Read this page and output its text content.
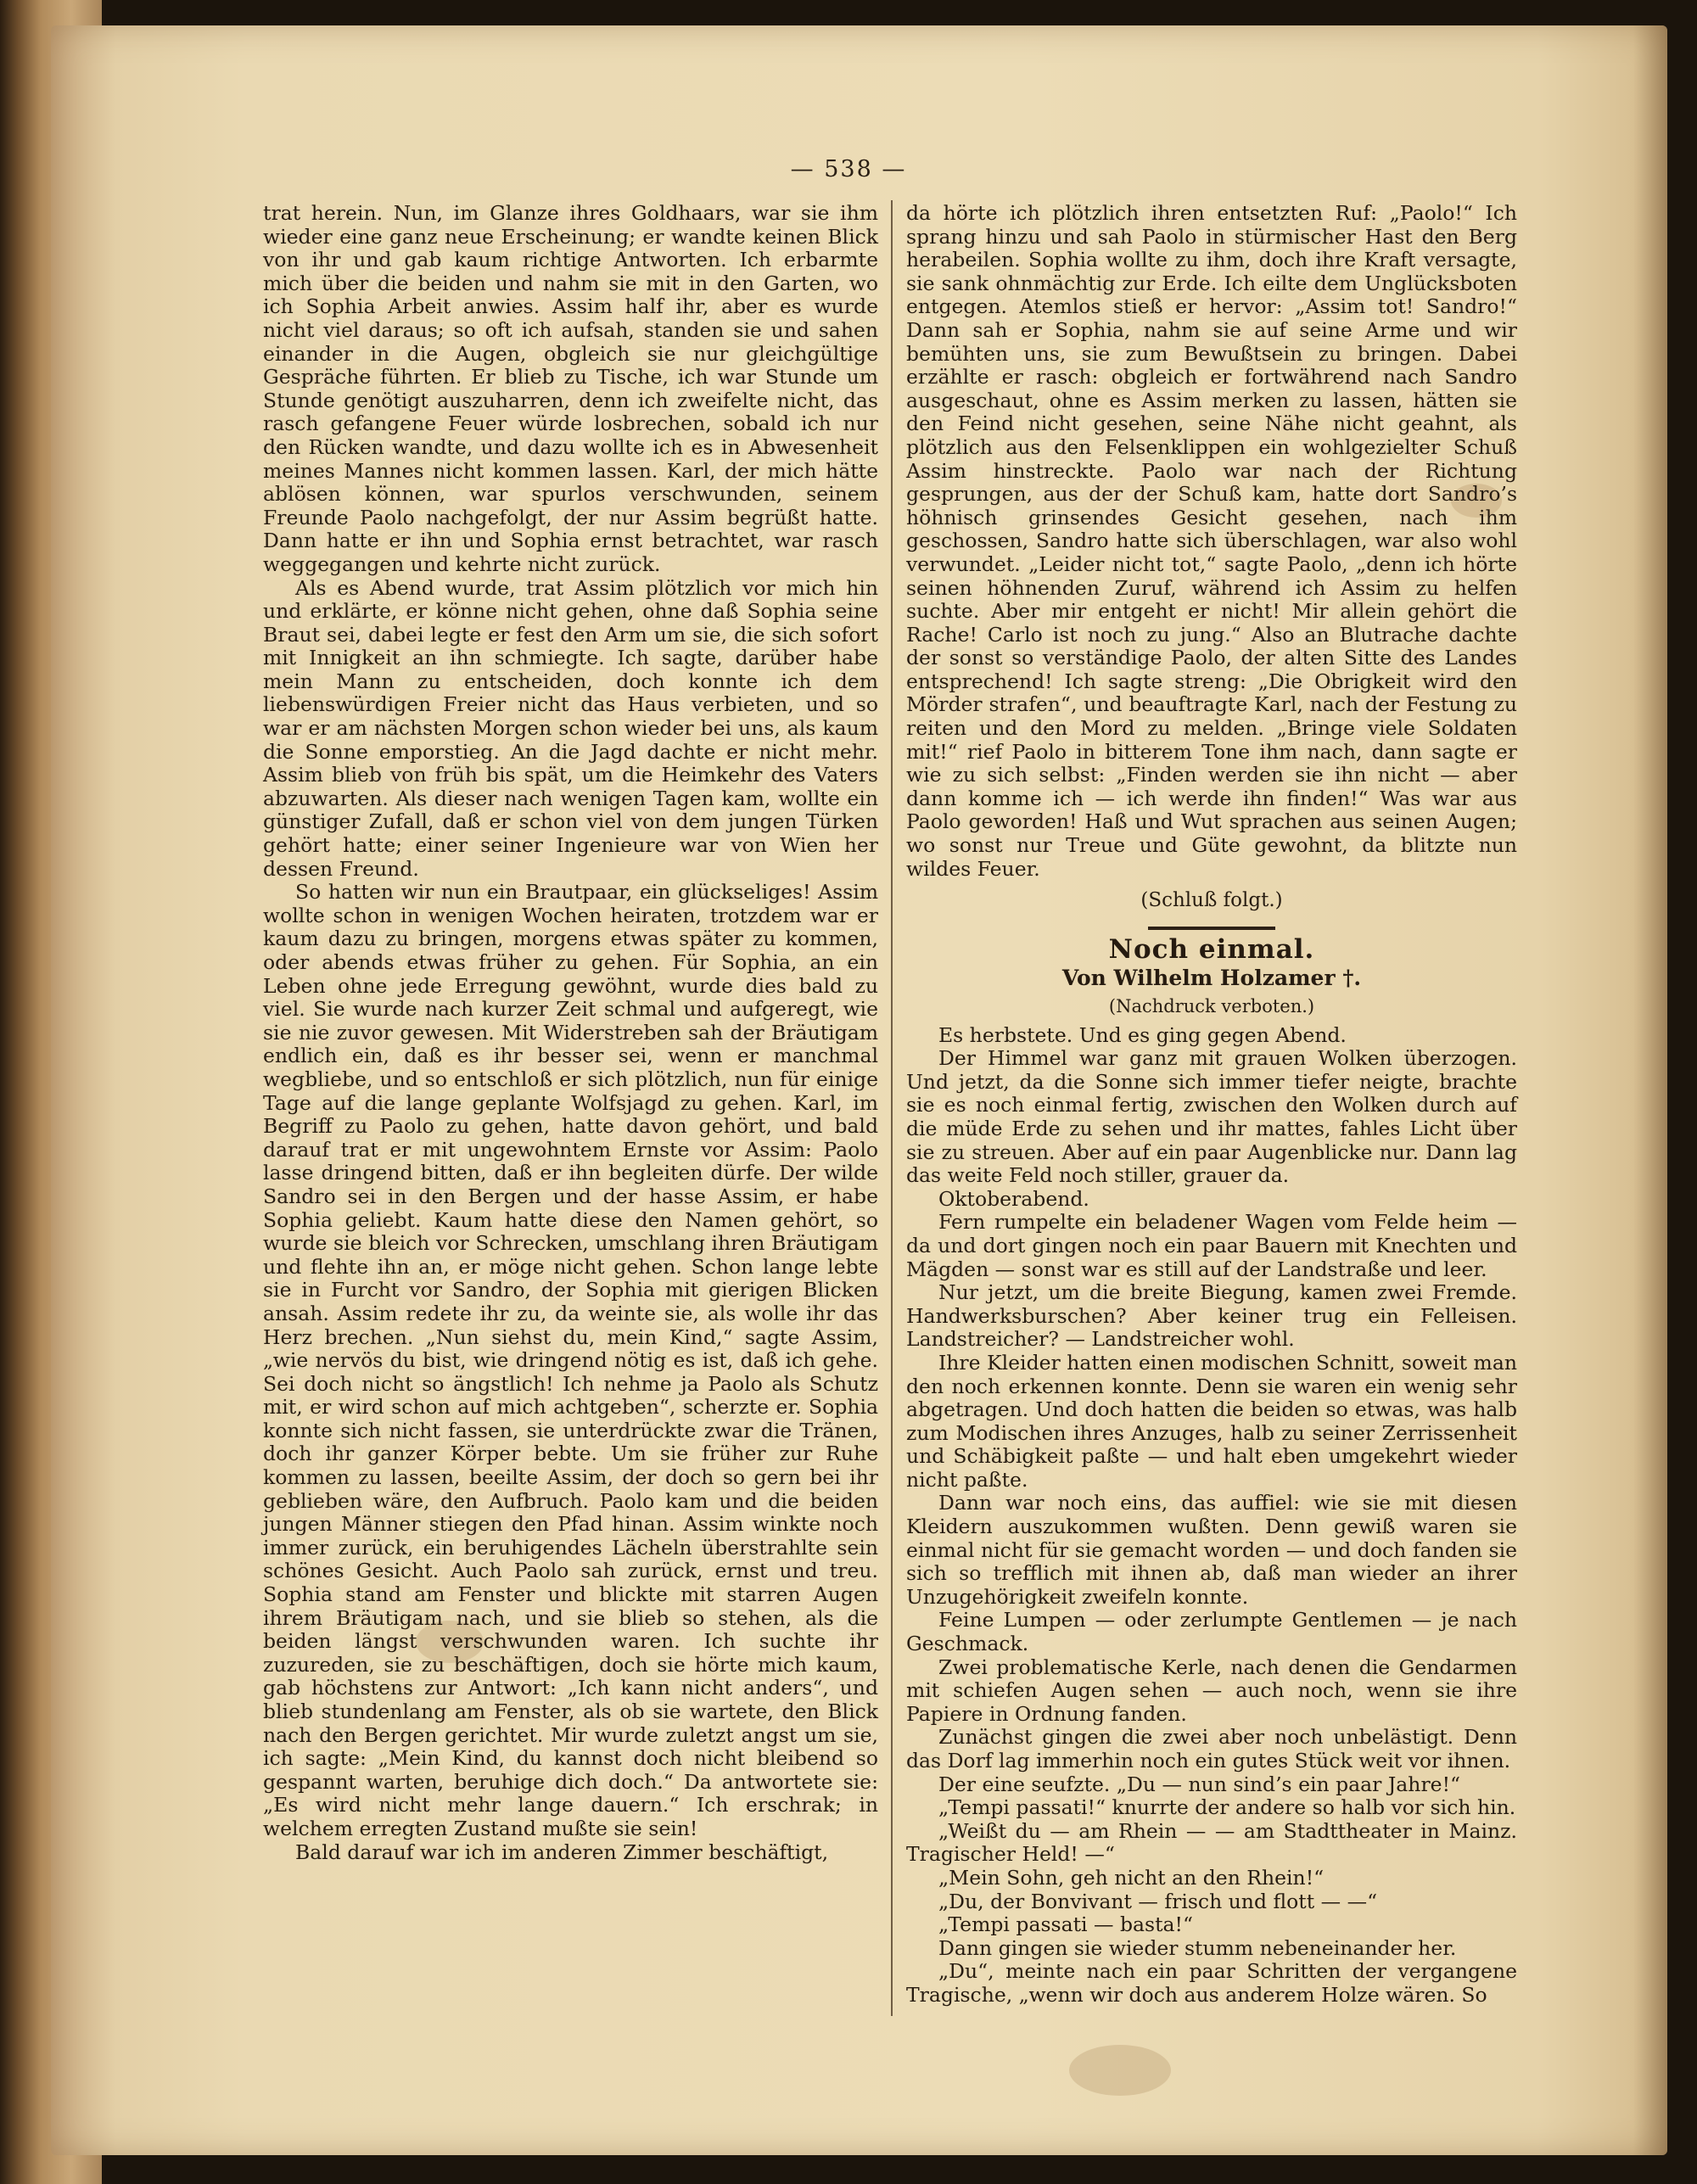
— 538 —

trat herein. Nun, im Glanze ihres Goldhaars, war sie ihm wieder eine ganz neue Erscheinung; er wandte keinen Blick von ihr und gab kaum richtige Antworten. Ich erbarmte mich über die beiden und nahm sie mit in den Garten, wo ich Sophia Arbeit anwies. Assim half ihr, aber es wurde nicht viel daraus; so oft ich aufsah, standen sie und sahen einander in die Augen, obgleich sie nur gleichgültige Gespräche führten. Er blieb zu Tische, ich war Stunde um Stunde genötigt auszuharren, denn ich zweifelte nicht, das rasch gefangene Feuer würde losbrechen, sobald ich nur den Rücken wandte, und dazu wollte ich es in Abwesenheit meines Mannes nicht kommen lassen. Karl, der mich hätte ablösen können, war spurlos verschwunden, seinem Freunde Paolo nachgefolgt, der nur Assim begrüßt hatte. Dann hatte er ihn und Sophia ernst betrachtet, war rasch weggegangen und kehrte nicht zurück.

Als es Abend wurde, trat Assim plötzlich vor mich hin und erklärte, er könne nicht gehen, ohne daß Sophia seine Braut sei, dabei legte er fest den Arm um sie, die sich sofort mit Innigkeit an ihn schmiegte. Ich sagte, darüber habe mein Mann zu entscheiden, doch konnte ich dem liebenswürdigen Freier nicht das Haus verbieten, und so war er am nächsten Morgen schon wieder bei uns, als kaum die Sonne emporstieg. An die Jagd dachte er nicht mehr. Assim blieb von früh bis spät, um die Heimkehr des Vaters abzuwarten. Als dieser nach wenigen Tagen kam, wollte ein günstiger Zufall, daß er schon viel von dem jungen Türken gehört hatte; einer seiner Ingenieure war von Wien her dessen Freund.

So hatten wir nun ein Brautpaar, ein glückseliges! Assim wollte schon in wenigen Wochen heiraten, trotzdem war er kaum dazu zu bringen, morgens etwas später zu kommen, oder abends etwas früher zu gehen. Für Sophia, an ein Leben ohne jede Erregung gewöhnt, wurde dies bald zu viel. Sie wurde nach kurzer Zeit schmal und aufgeregt, wie sie nie zuvor gewesen. Mit Widerstreben sah der Bräutigam endlich ein, daß es ihr besser sei, wenn er manchmal wegbliebe, und so entschloß er sich plötzlich, nun für einige Tage auf die lange geplante Wolfsjagd zu gehen. Karl, im Begriff zu Paolo zu gehen, hatte davon gehört, und bald darauf trat er mit ungewohntem Ernste vor Assim: Paolo lasse dringend bitten, daß er ihn begleiten dürfe. Der wilde Sandro sei in den Bergen und der hasse Assim, er habe Sophia geliebt. Kaum hatte diese den Namen gehört, so wurde sie bleich vor Schrecken, umschlang ihren Bräutigam und flehte ihn an, er möge nicht gehen. Schon lange lebte sie in Furcht vor Sandro, der Sophia mit gierigen Blicken ansah. Assim redete ihr zu, da weinte sie, als wolle ihr das Herz brechen. „Nun siehst du, mein Kind,“ sagte Assim, „wie nervös du bist, wie dringend nötig es ist, daß ich gehe. Sei doch nicht so ängstlich! Ich nehme ja Paolo als Schutz mit, er wird schon auf mich achtgeben“, scherzte er. Sophia konnte sich nicht fassen, sie unterdrückte zwar die Tränen, doch ihr ganzer Körper bebte. Um sie früher zur Ruhe kommen zu lassen, beeilte Assim, der doch so gern bei ihr geblieben wäre, den Aufbruch. Paolo kam und die beiden jungen Männer stiegen den Pfad hinan. Assim winkte noch immer zurück, ein beruhigendes Lächeln überstrahlte sein schönes Gesicht. Auch Paolo sah zurück, ernst und treu. Sophia stand am Fenster und blickte mit starren Augen ihrem Bräutigam nach, und sie blieb so stehen, als die beiden längst verschwunden waren. Ich suchte ihr zuzureden, sie zu beschäftigen, doch sie hörte mich kaum, gab höchstens zur Antwort: „Ich kann nicht anders“, und blieb stundenlang am Fenster, als ob sie wartete, den Blick nach den Bergen gerichtet. Mir wurde zuletzt angst um sie, ich sagte: „Mein Kind, du kannst doch nicht bleibend so gespannt warten, beruhige dich doch.“ Da antwortete sie: „Es wird nicht mehr lange dauern.“ Ich erschrak; in welchem erregten Zustand mußte sie sein!

Bald darauf war ich im anderen Zimmer beschäftigt,

da hörte ich plötzlich ihren entsetzten Ruf: „Paolo!“ Ich sprang hinzu und sah Paolo in stürmischer Hast den Berg herabeilen. Sophia wollte zu ihm, doch ihre Kraft versagte, sie sank ohnmächtig zur Erde. Ich eilte dem Unglücksboten entgegen. Atemlos stieß er hervor: „Assim tot! Sandro!“ Dann sah er Sophia, nahm sie auf seine Arme und wir bemühten uns, sie zum Bewußtsein zu bringen. Dabei erzählte er rasch: obgleich er fortwährend nach Sandro ausgeschaut, ohne es Assim merken zu lassen, hätten sie den Feind nicht gesehen, seine Nähe nicht geahnt, als plötzlich aus den Felsenklippen ein wohlgezielter Schuß Assim hinstreckte. Paolo war nach der Richtung gesprungen, aus der der Schuß kam, hatte dort Sandro’s höhnisch grinsendes Gesicht gesehen, nach ihm geschossen, Sandro hatte sich überschlagen, war also wohl verwundet. „Leider nicht tot,“ sagte Paolo, „denn ich hörte seinen höhnenden Zuruf, während ich Assim zu helfen suchte. Aber mir entgeht er nicht! Mir allein gehört die Rache! Carlo ist noch zu jung.“ Also an Blutrache dachte der sonst so verständige Paolo, der alten Sitte des Landes entsprechend! Ich sagte streng: „Die Obrigkeit wird den Mörder strafen“, und beauftragte Karl, nach der Festung zu reiten und den Mord zu melden. „Bringe viele Soldaten mit!“ rief Paolo in bitterem Tone ihm nach, dann sagte er wie zu sich selbst: „Finden werden sie ihn nicht — aber dann komme ich — ich werde ihn finden!“ Was war aus Paolo geworden! Haß und Wut sprachen aus seinen Augen; wo sonst nur Treue und Güte gewohnt, da blitzte nun wildes Feuer.

(Schluß folgt.)

Noch einmal.

Von Wilhelm Holzamer †.

(Nachdruck verboten.)

Es herbstete. Und es ging gegen Abend.

Der Himmel war ganz mit grauen Wolken überzogen. Und jetzt, da die Sonne sich immer tiefer neigte, brachte sie es noch einmal fertig, zwischen den Wolken durch auf die müde Erde zu sehen und ihr mattes, fahles Licht über sie zu streuen. Aber auf ein paar Augenblicke nur. Dann lag das weite Feld noch stiller, grauer da.

Oktoberabend.

Fern rumpelte ein beladener Wagen vom Felde heim — da und dort gingen noch ein paar Bauern mit Knechten und Mägden — sonst war es still auf der Landstraße und leer.

Nur jetzt, um die breite Biegung, kamen zwei Fremde. Handwerksburschen? Aber keiner trug ein Felleisen. Landstreicher? — Landstreicher wohl.

Ihre Kleider hatten einen modischen Schnitt, soweit man den noch erkennen konnte. Denn sie waren ein wenig sehr abgetragen. Und doch hatten die beiden so etwas, was halb zum Modischen ihres Anzuges, halb zu seiner Zerrissenheit und Schäbigkeit paßte — und halt eben umgekehrt wieder nicht paßte.

Dann war noch eins, das auffiel: wie sie mit diesen Kleidern auszukommen wußten. Denn gewiß waren sie einmal nicht für sie gemacht worden — und doch fanden sie sich so trefflich mit ihnen ab, daß man wieder an ihrer Unzugehörigkeit zweifeln konnte.

Feine Lumpen — oder zerlumpte Gentlemen — je nach Geschmack.

Zwei problematische Kerle, nach denen die Gendarmen mit schiefen Augen sehen — auch noch, wenn sie ihre Papiere in Ordnung fanden.

Zunächst gingen die zwei aber noch unbelästigt. Denn das Dorf lag immerhin noch ein gutes Stück weit vor ihnen.

Der eine seufzte. „Du — nun sind’s ein paar Jahre!“

„Tempi passati!“ knurrte der andere so halb vor sich hin.

„Weißt du — am Rhein — — am Stadttheater in Mainz. Tragischer Held! —“

„Mein Sohn, geh nicht an den Rhein!“

„Du, der Bonvivant — frisch und flott — —“

„Tempi passati — basta!“

Dann gingen sie wieder stumm nebeneinander her.

„Du“, meinte nach ein paar Schritten der vergangene Tragische, „wenn wir doch aus anderem Holze wären. So
